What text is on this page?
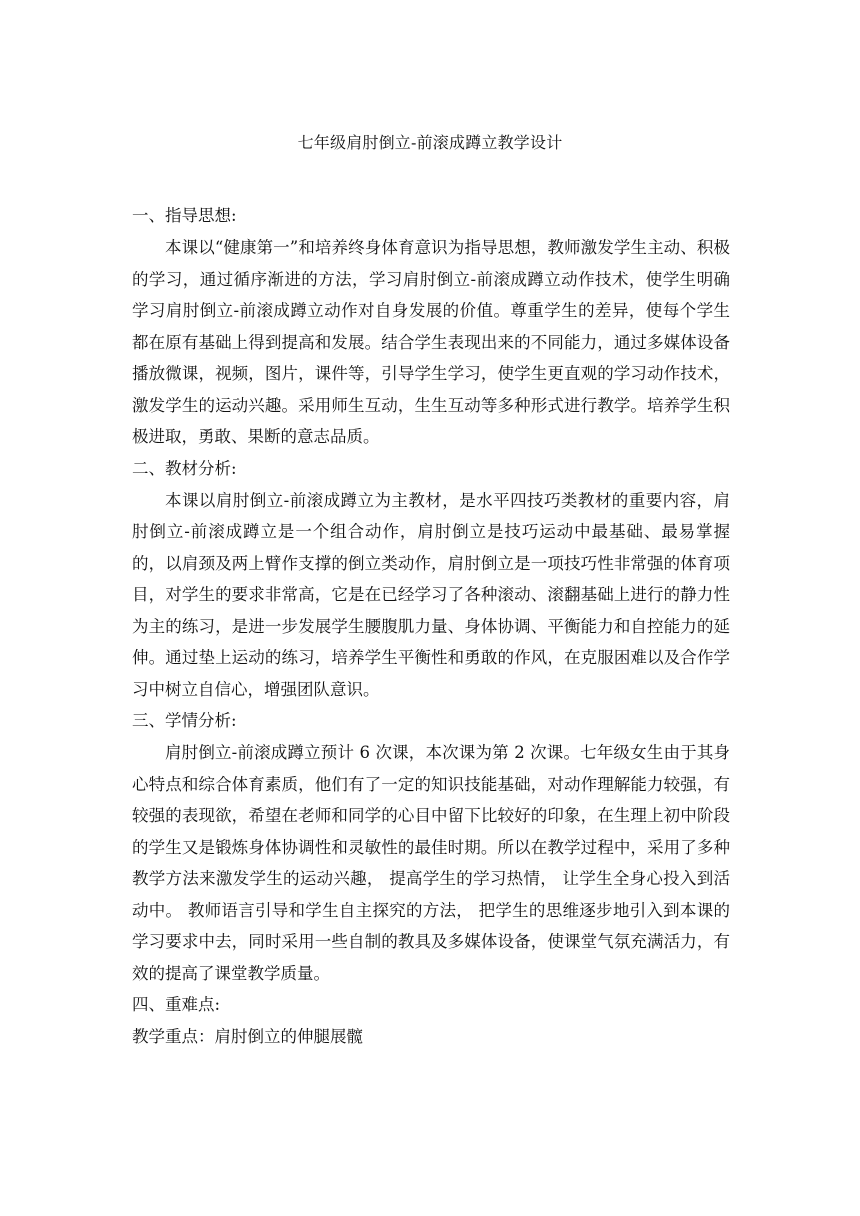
七年级肩肘倒立-前滚成蹲立教学设计

一、指导思想:

本课以“健康第一”和培养终身体育意识为指导思想，教师激发学生主动、积极的学习，通过循序渐进的方法，学习肩肘倒立-前滚成蹲立动作技术，使学生明确学习肩肘倒立-前滚成蹲立动作对自身发展的价值。尊重学生的差异，使每个学生都在原有基础上得到提高和发展。结合学生表现出来的不同能力，通过多媒体设备播放微课，视频，图片，课件等，引导学生学习，使学生更直观的学习动作技术，激发学生的运动兴趣。采用师生互动，生生互动等多种形式进行教学。培养学生积极进取，勇敢、果断的意志品质。

二、教材分析:

本课以肩肘倒立-前滚成蹲立为主教材，是水平四技巧类教材的重要内容，肩肘倒立-前滚成蹲立是一个组合动作，肩肘倒立是技巧运动中最基础、最易掌握的，以肩颈及两上臂作支撑的倒立类动作，肩肘倒立是一项技巧性非常强的体育项目，对学生的要求非常高，它是在已经学习了各种滚动、滚翻基础上进行的静力性为主的练习，是进一步发展学生腰腹肌力量、身体协调、平衡能力和自控能力的延伸。通过垫上运动的练习，培养学生平衡性和勇敢的作风，在克服困难以及合作学习中树立自信心，增强团队意识。

三、学情分析:

肩肘倒立-前滚成蹲立预计 6 次课，本次课为第 2 次课。七年级女生由于其身心特点和综合体育素质，他们有了一定的知识技能基础，对动作理解能力较强，有较强的表现欲，希望在老师和同学的心目中留下比较好的印象，在生理上初中阶段的学生又是锻炼身体协调性和灵敏性的最佳时期。所以在教学过程中，采用了多种教学方法来激发学生的运动兴趣， 提高学生的学习热情， 让学生全身心投入到活动中。 教师语言引导和学生自主探究的方法， 把学生的思维逐步地引入到本课的学习要求中去，同时采用一些自制的教具及多媒体设备，使课堂气氛充满活力，有效的提高了课堂教学质量。

四、重难点:

教学重点：肩肘倒立的伸腿展髋
